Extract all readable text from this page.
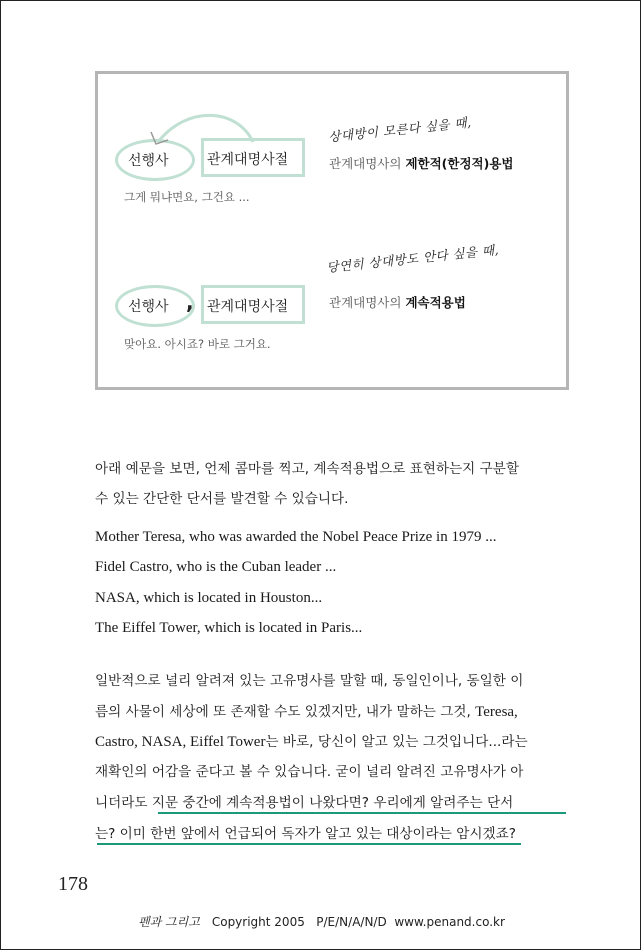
선행사	관계대명사절
그게 뭐냐면요, 그건요 ...
상대방이 모른다 싶을 때,
관계대명사의 제한적(한정적)용법
선행사 , 관계대명사절
맞아요. 아시죠? 바로 그거요.
당연히 상대방도 안다 싶을 때,
관계대명사의 계속적용법
아래 예문을 보면, 언제 콤마를 찍고, 계속적용법으로 표현하는지 구분할
수 있는 간단한 단서를 발견할 수 있습니다.
Mother Teresa, who was awarded the Nobel Peace Prize in 1979 ...
Fidel Castro, who is the Cuban leader ...
NASA, which is located in Houston...
The Eiffel Tower, which is located in Paris...
일반적으로 널리 알려져 있는 고유명사를 말할 때, 동일인이나, 동일한 이
름의 사물이 세상에 또 존재할 수도 있겠지만, 내가 말하는 그것, Teresa,
Castro, NASA, Eiffel Tower는 바로, 당신이 알고 있는 그것입니다...라는
재확인의 어감을 준다고 볼 수 있습니다. 굳이 널리 알려진 고유명사가 아
니더라도 지문 중간에 계속적용법이 나왔다면? 우리에게 알려주는 단서
는? 이미 한번 앞에서 언급되어 독자가 알고 있는 대상이라는 암시겠죠?
178
펜과 그리고 Copyright 2005   P/E/N/A/N/D  www.penand.co.kr
